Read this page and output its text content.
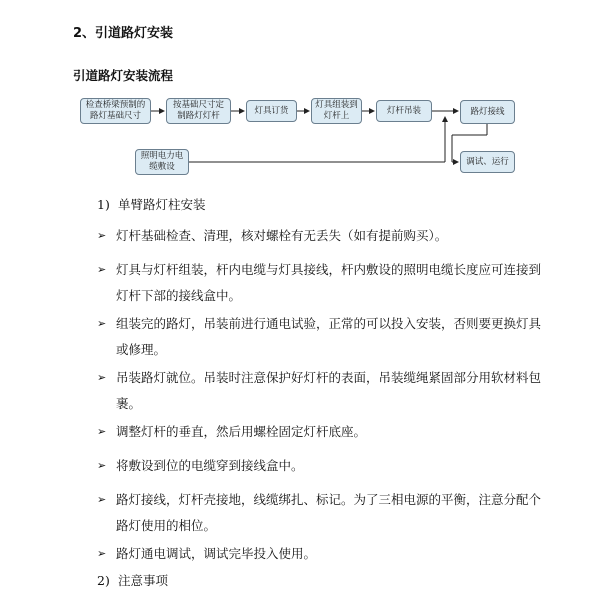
2、引道路灯安装
引道路灯安装流程
检查桥梁预制的
路灯基础尺寸
按基础尺寸定
制路灯灯杆
灯具订货
灯具组装到
灯杆上
灯杆吊装	路灯接线
照明电力电
缆敷设
调试、运行
1) 单臂路灯柱安装
➢ 灯杆基础检查、清理，核对螺栓有无丢失（如有提前购买）。
➢ 灯具与灯杆组装，杆内电缆与灯具接线，杆内敷设的照明电缆长度应可连接到
灯杆下部的接线盒中。
➢ 组装完的路灯，吊装前进行通电试验，正常的可以投入安装，否则要更换灯具
或修理。
➢ 吊装路灯就位。吊装时注意保护好灯杆的表面，吊装缆绳紧固部分用软材料包
裹。
➢ 调整灯杆的垂直，然后用螺栓固定灯杆底座。
➢ 将敷设到位的电缆穿到接线盒中。
➢ 路灯接线，灯杆壳接地，线缆绑扎、标记。为了三相电源的平衡，注意分配个
路灯使用的相位。
➢ 路灯通电调试，调试完毕投入使用。
2) 注意事项
